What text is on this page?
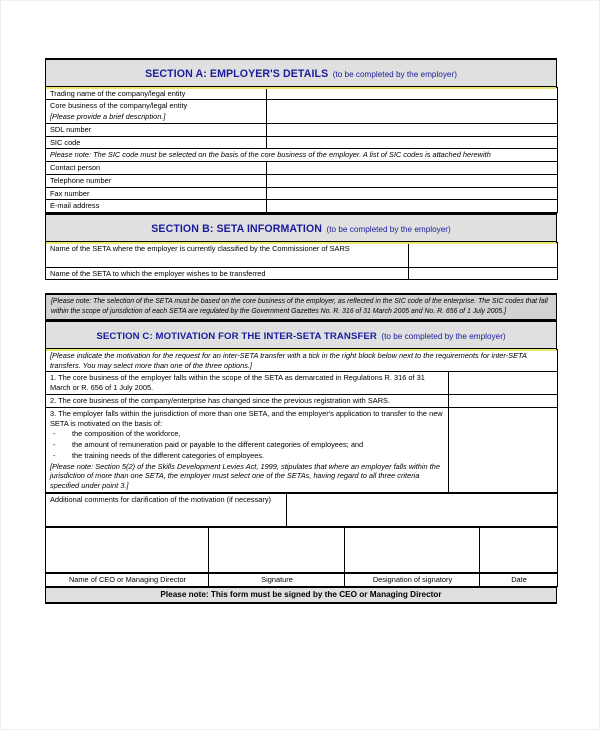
SECTION A: EMPLOYER'S DETAILS (to be completed by the employer)
Trading name of the company/legal entity	
Core business of the company/legal entity
[Please provide a brief description.]	

SDL number	
SIC code	
Please note: The SIC code must be selected on the basis of the core business of the employer. A list of SIC codes is attached herewith	
Contact person	
Telephone number	
Fax number	
E-mail address	
SECTION B: SETA INFORMATION (to be completed by the employer)
Name of the SETA where the employer is currently classified by the Commissioner of SARS	
Name of the SETA to which the employer wishes to be transferred	
[Please note: The selection of the SETA must be based on the core business of the employer, as reflected in the SIC code of the enterprise. The SIC codes that fall within the scope of jurisdiction of each SETA are regulated by the Government Gazettes No. R. 316 of 31 March 2005 and No. R. 656 of 1 July 2005.]
SECTION C: MOTIVATION FOR THE INTER-SETA TRANSFER (to be completed by the employer)
[Please indicate the motivation for the request for an inter-SETA transfer with a tick in the right block below next to the requirements for inter-SETA transfers. You may select more than one of the three options.]	
1. The core business of the employer falls within the scope of the SETA as demarcated in Regulations R. 316 of 31 March or R. 656 of 1 July 2005.	
2. The core business of the company/enterprise has changed since the previous registration with SARS.	
3. The employer falls within the jurisdiction of more than one SETA, and the employer's application to transfer to the new SETA is motivated on the basis of:
- the composition of the workforce,
- the amount of remuneration paid or payable to the different categories of employees; and
- the training needs of the different categories of employees.
[Please note: Section 5(2) of the Skills Development Levies Act, 1999, stipulates that where an employer falls within the jurisdiction of more than one SETA, the employer must select one of the SETAs, having regard to all three criteria specified under point 3.]

Additional comments for clarification of the motivation (if necessary)	

Name of CEO or Managing Director	Signature	Designation of signatory	Date
Please note: This form must be signed by the CEO or Managing Director
